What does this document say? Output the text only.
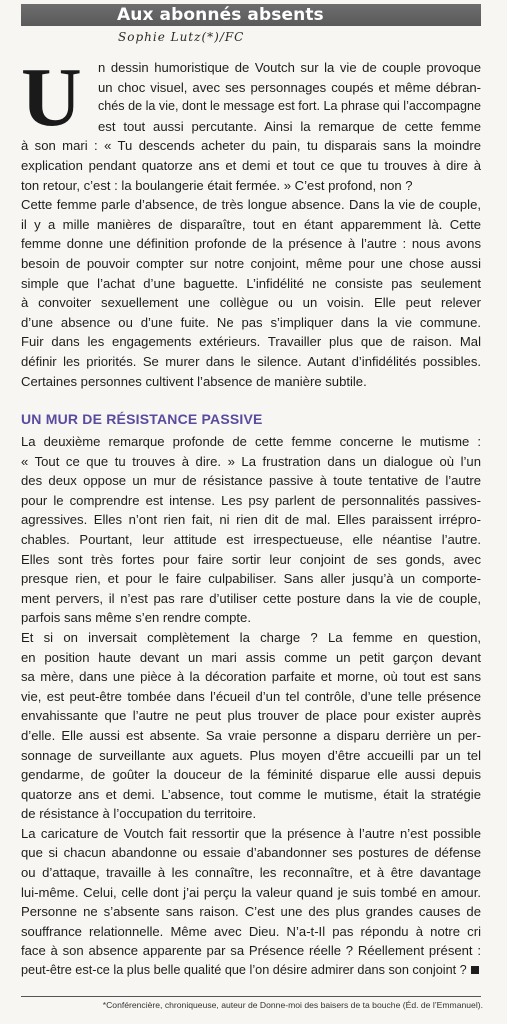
Aux abonnés absents
Sophie Lutz(*)/FC
U	n dessin humoristique de Voutch sur la vie de couple provoque
un choc visuel, avec ses personnages coupés et même débran-
chés de la vie, dont le message est fort. La phrase qui l’accompagne
est tout aussi percutante. Ainsi la remarque de cette femme
à son mari : « Tu descends acheter du pain, tu disparais sans la moindre
explication pendant quatorze ans et demi et tout ce que tu trouves à dire à
ton retour, c’est : la boulangerie était fermée. » C’est profond, non ?
Cette femme parle d’absence, de très longue absence. Dans la vie de couple,
il y a mille manières de disparaître, tout en étant apparemment là. Cette
femme donne une définition profonde de la présence à l’autre : nous avons
besoin de pouvoir compter sur notre conjoint, même pour une chose aussi
simple que l’achat d’une baguette. L’infidélité ne consiste pas seulement
à convoiter sexuellement une collègue ou un voisin. Elle peut relever
d’une absence ou d’une fuite. Ne pas s’impliquer dans la vie commune.
Fuir dans les engagements extérieurs. Travailler plus que de raison. Mal
définir les priorités. Se murer dans le silence. Autant d’infidélités possibles.
Certaines personnes cultivent l’absence de manière subtile.
UN MUR DE RÉSISTANCE PASSIVE
La deuxième remarque profonde de cette femme concerne le mutisme :
« Tout ce que tu trouves à dire. » La frustration dans un dialogue où l’un
des deux oppose un mur de résistance passive à toute tentative de l’autre
pour le comprendre est intense. Les psy parlent de personnalités passives-
agressives. Elles n’ont rien fait, ni rien dit de mal. Elles paraissent irrépro-
chables. Pourtant, leur attitude est irrespectueuse, elle néantise l’autre.
Elles sont très fortes pour faire sortir leur conjoint de ses gonds, avec
presque rien, et pour le faire culpabiliser. Sans aller jusqu’à un comporte-
ment pervers, il n’est pas rare d’utiliser cette posture dans la vie de couple,
parfois sans même s’en rendre compte.
Et si on inversait complètement la charge ? La femme en question,
en position haute devant un mari assis comme un petit garçon devant
sa mère, dans une pièce à la décoration parfaite et morne, où tout est sans
vie, est peut-être tombée dans l’écueil d’un tel contrôle, d’une telle présence
envahissante que l’autre ne peut plus trouver de place pour exister auprès
d’elle. Elle aussi est absente. Sa vraie personne a disparu derrière un per-
sonnage de surveillante aux aguets. Plus moyen d’être accueilli par un tel
gendarme, de goûter la douceur de la féminité disparue elle aussi depuis
quatorze ans et demi. L’absence, tout comme le mutisme, était la stratégie
de résistance à l’occupation du territoire.
La caricature de Voutch fait ressortir que la présence à l’autre n’est possible
que si chacun abandonne ou essaie d’abandonner ses postures de défense
ou d’attaque, travaille à les connaître, les reconnaître, et à être davantage
lui-même. Celui, celle dont j’ai perçu la valeur quand je suis tombé en amour.
Personne ne s’absente sans raison. C’est une des plus grandes causes de
souffrance relationnelle. Même avec Dieu. N’a-t-Il pas répondu à notre cri
face à son absence apparente par sa Présence réelle ? Réellement présent :
peut-être est-ce la plus belle qualité que l’on désire admirer dans son conjoint ?
*Conférencière, chroniqueuse, auteur de Donne-moi des baisers de ta bouche (Éd. de l’Emmanuel).
